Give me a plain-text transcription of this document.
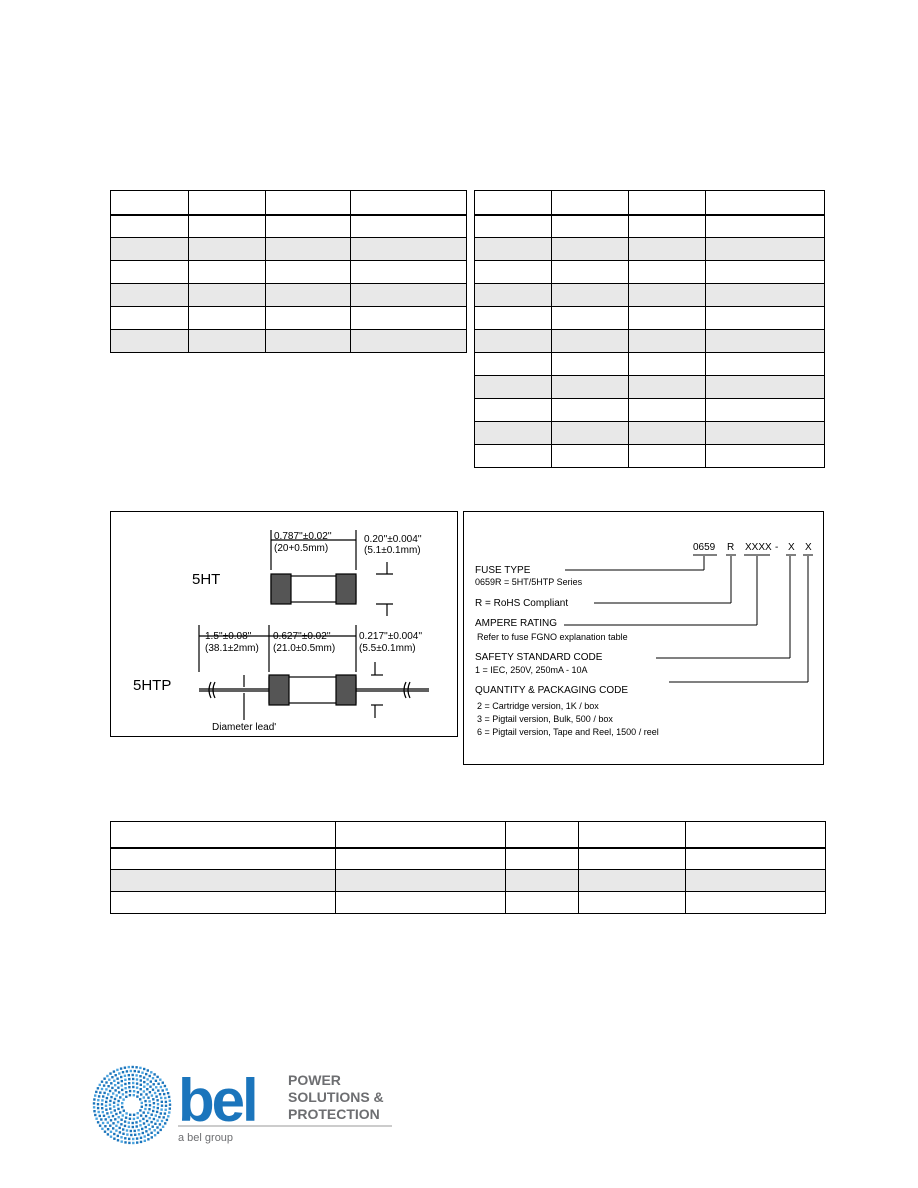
5HT
0.787''±0.02''
(20+0.5mm)
0.20''±0.004''
(5.1±0.1mm)
5HTP
1.5''±0.08''
(38.1±2mm)
0.627''±0.02''
(21.0±0.5mm)
0.217''±0.004''
(5.5±0.1mm)
Diameter lead'
0659 R XXXX - X X
FUSE TYPE
0659R = 5HT/5HTP Series
R = RoHS Compliant
AMPERE RATING
Refer to fuse FGNO explanation table
SAFETY STANDARD CODE
1 = IEC, 250V, 250mA - 10A
QUANTITY & PACKAGING CODE
2 = Cartridge version, 1K / box
3 = Pigtail version, Bulk, 500 / box
6 = Pigtail version, Tape and Reel, 1500 / reel

bel POWER
SOLUTIONS &
PROTECTION
a bel group
